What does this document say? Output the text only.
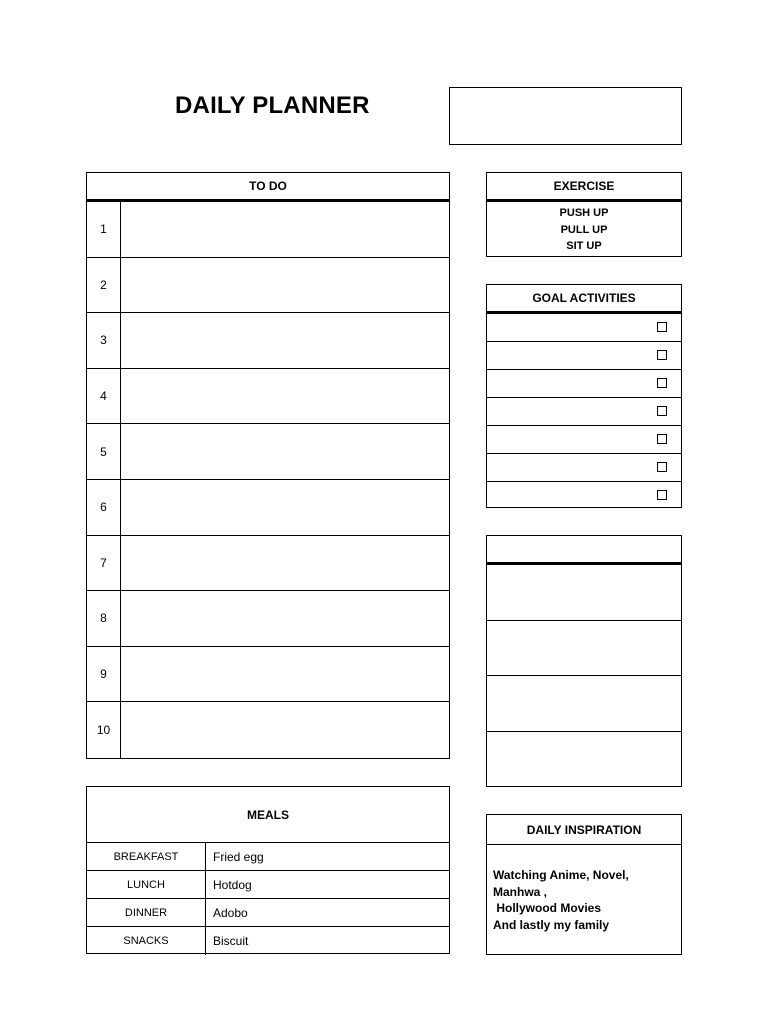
DAILY PLANNER
TO DO
1
2
3
4
5
6
7
8
9
10
EXERCISE
PUSH UP
PULL UP
SIT UP
GOAL ACTIVITIES
MEALS
BREAKFAST	Fried egg
LUNCH	Hotdog
DINNER	Adobo
SNACKS	Biscuit
DAILY INSPIRATION
Watching Anime, Novel,
Manhwa ,
Hollywood Movies
And lastly my family
